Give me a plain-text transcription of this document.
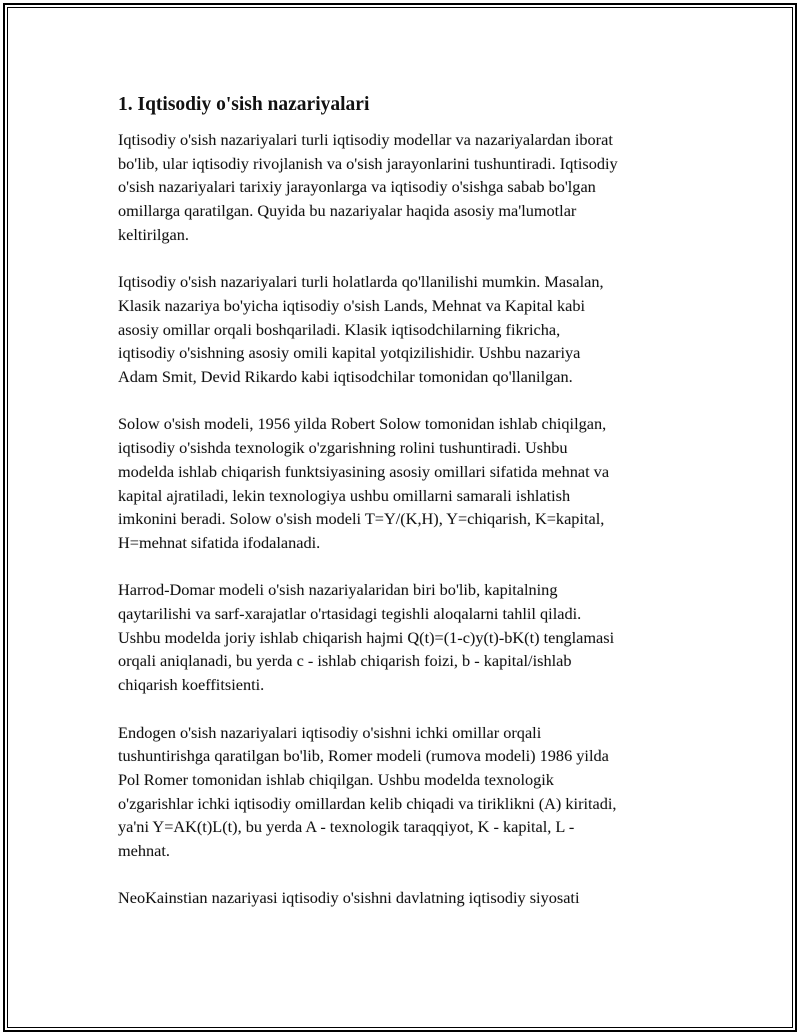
1. Iqtisodiy o'sish nazariyalari

Iqtisodiy o'sish nazariyalari turli iqtisodiy modellar va nazariyalardan iborat
bo'lib, ular iqtisodiy rivojlanish va o'sish jarayonlarini tushuntiradi. Iqtisodiy
o'sish nazariyalari tarixiy jarayonlarga va iqtisodiy o'sishga sabab bo'lgan
omillarga qaratilgan. Quyida bu nazariyalar haqida asosiy ma'lumotlar
keltirilgan.

Iqtisodiy o'sish nazariyalari turli holatlarda qo'llanilishi mumkin. Masalan,
Klasik nazariya bo'yicha iqtisodiy o'sish Lands, Mehnat va Kapital kabi
asosiy omillar orqali boshqariladi. Klasik iqtisodchilarning fikricha,
iqtisodiy o'sishning asosiy omili kapital yotqizilishidir. Ushbu nazariya
Adam Smit, Devid Rikardo kabi iqtisodchilar tomonidan qo'llanilgan.

Solow o'sish modeli, 1956 yilda Robert Solow tomonidan ishlab chiqilgan,
iqtisodiy o'sishda texnologik o'zgarishning rolini tushuntiradi. Ushbu
modelda ishlab chiqarish funktsiyasining asosiy omillari sifatida mehnat va
kapital ajratiladi, lekin texnologiya ushbu omillarni samarali ishlatish
imkonini beradi. Solow o'sish modeli T=Y/(K,H), Y=chiqarish, K=kapital,
H=mehnat sifatida ifodalanadi.

Harrod-Domar modeli o'sish nazariyalaridan biri bo'lib, kapitalning
qaytarilishi va sarf-xarajatlar o'rtasidagi tegishli aloqalarni tahlil qiladi.
Ushbu modelda joriy ishlab chiqarish hajmi Q(t)=(1-c)y(t)-bK(t) tenglamasi
orqali aniqlanadi, bu yerda c - ishlab chiqarish foizi, b - kapital/ishlab
chiqarish koeffitsienti.

Endogen o'sish nazariyalari iqtisodiy o'sishni ichki omillar orqali
tushuntirishga qaratilgan bo'lib, Romer modeli (rumova modeli) 1986 yilda
Pol Romer tomonidan ishlab chiqilgan. Ushbu modelda texnologik
o'zgarishlar ichki iqtisodiy omillardan kelib chiqadi va tiriklikni (A) kiritadi,
ya'ni Y=AK(t)L(t), bu yerda A - texnologik taraqqiyot, K - kapital, L -
mehnat.

NeoKainstian nazariyasi iqtisodiy o'sishni davlatning iqtisodiy siyosati
